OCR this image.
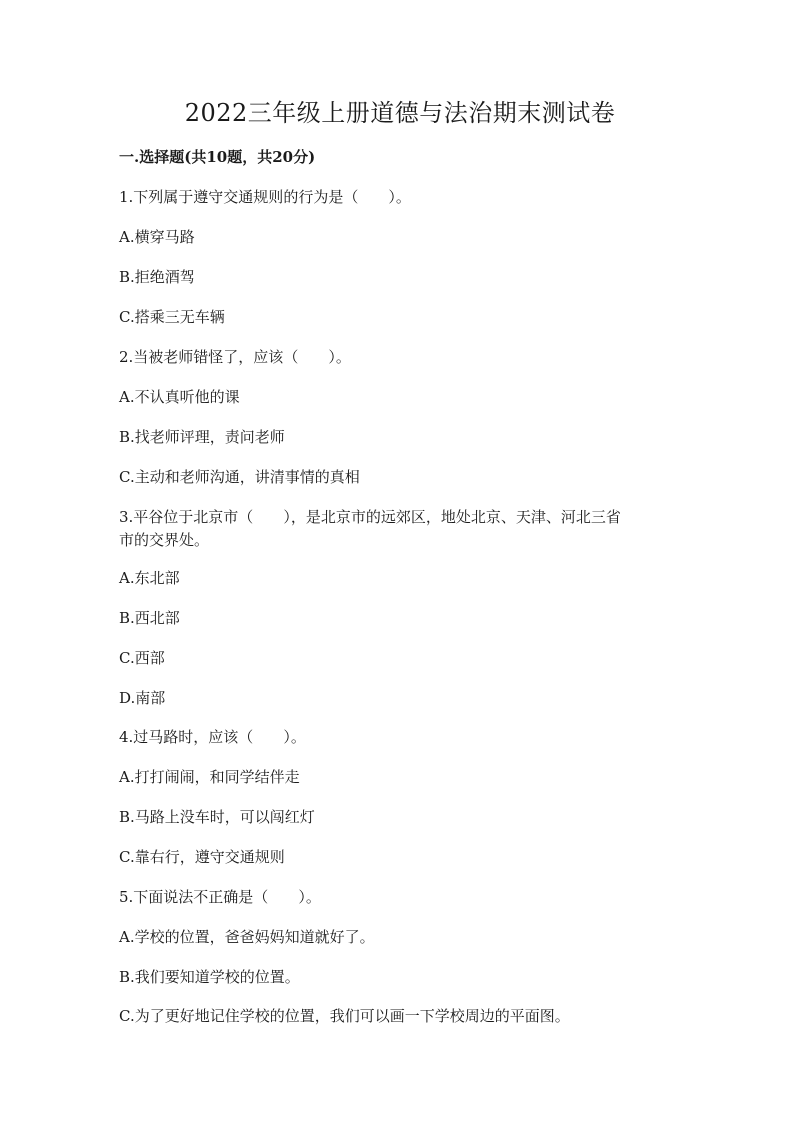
2022三年级上册道德与法治期末测试卷
一.选择题(共10题，共20分)

1.下列属于遵守交通规则的行为是（　　）。

A.横穿马路

B.拒绝酒驾

C.搭乘三无车辆

2.当被老师错怪了，应该（　　）。

A.不认真听他的课

B.找老师评理，责问老师

C.主动和老师沟通，讲清事情的真相

3.平谷位于北京市（　　），是北京市的远郊区，地处北京、天津、河北三省

市的交界处。

A.东北部

B.西北部

C.西部

D.南部

4.过马路时，应该（　　）。

A.打打闹闹，和同学结伴走

B.马路上没车时，可以闯红灯

C.靠右行，遵守交通规则

5.下面说法不正确是（　　）。

A.学校的位置，爸爸妈妈知道就好了。

B.我们要知道学校的位置。

C.为了更好地记住学校的位置，我们可以画一下学校周边的平面图。
